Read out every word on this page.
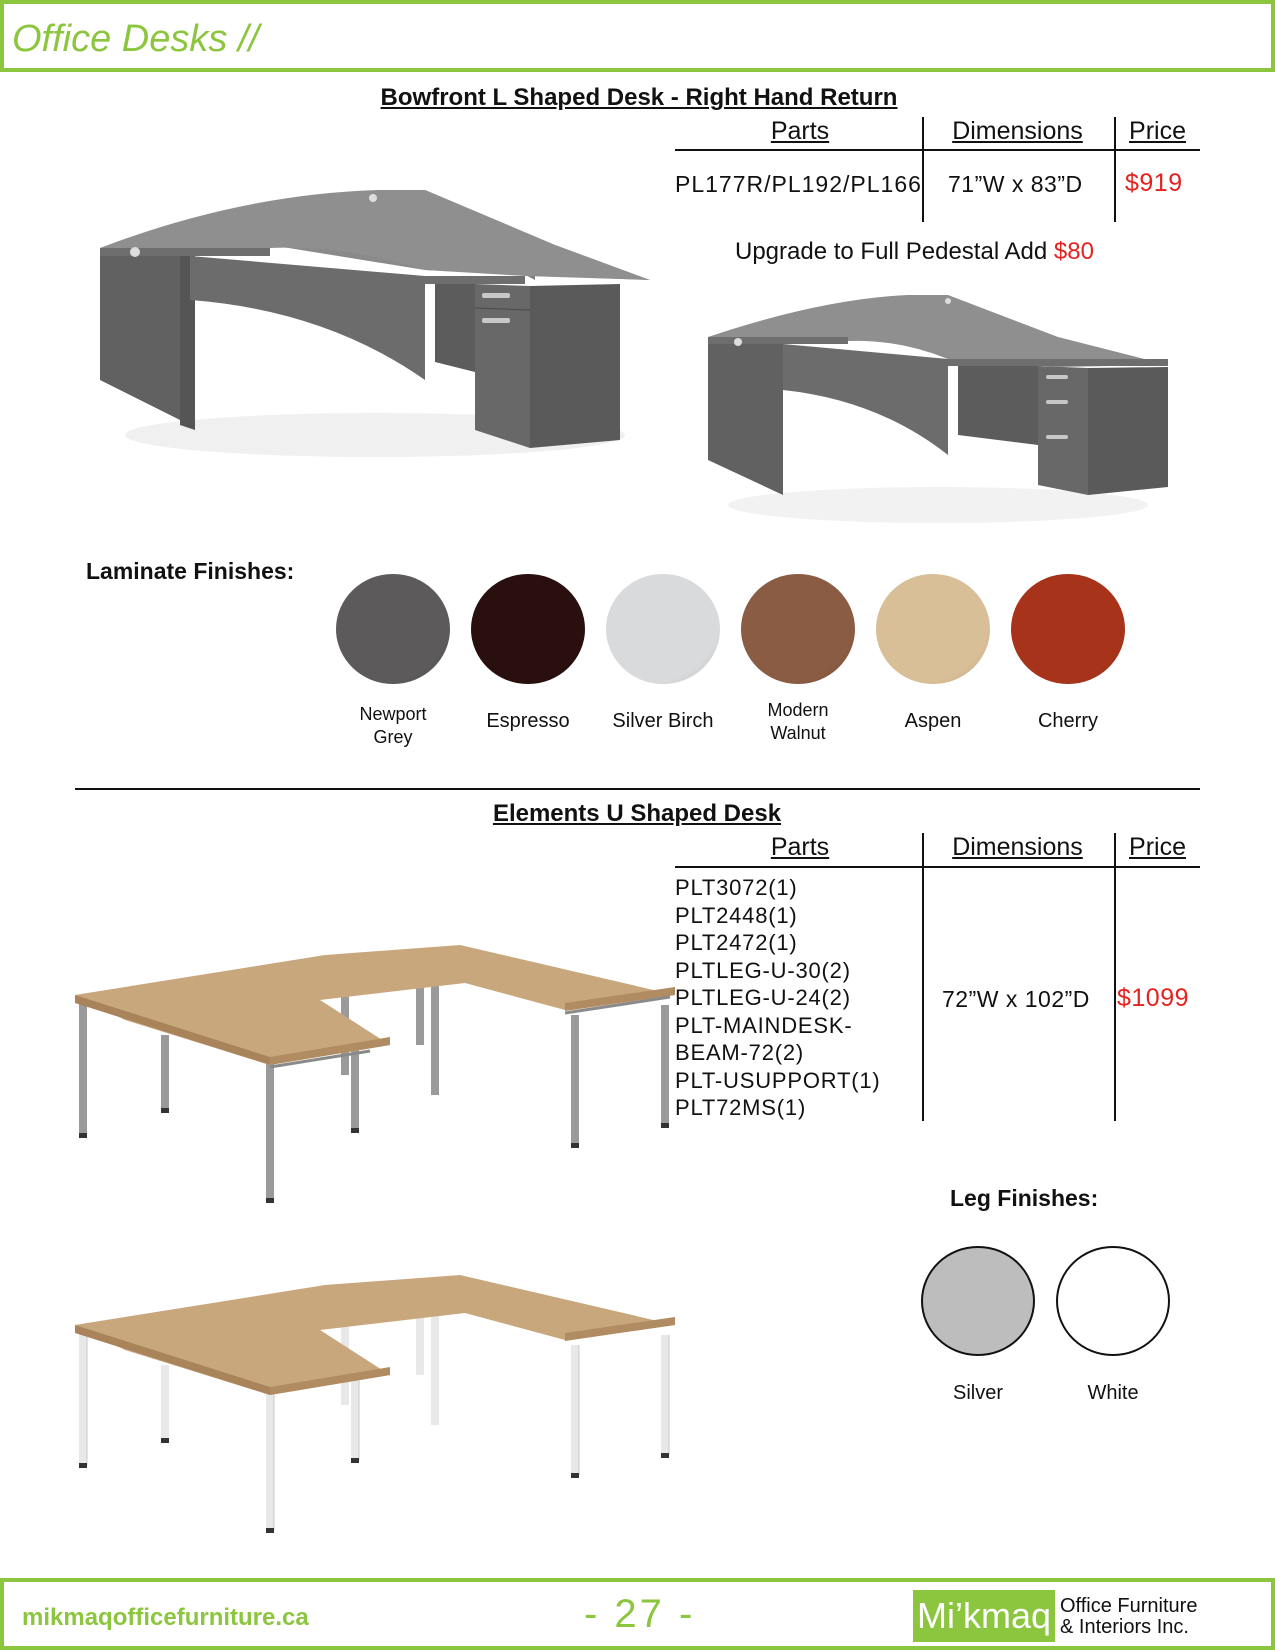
Office Desks //
Bowfront L Shaped Desk - Right Hand Return
Parts	Dimensions	Price
PL177R/PL192/PL166 71”W x 83”D $919
Upgrade to Full Pedestal Add $80
Laminate Finishes:
Newport
Grey
Espresso	Silver Birch	Modern
Walnut
Aspen	Cherry
Elements U Shaped Desk
Parts	Dimensions	Price
PLT3072(1)
PLT2448(1)
PLT2472(1)
PLTLEG-U-30(2)
PLTLEG-U-24(2)
PLT-MAINDESK-
BEAM-72(2)
PLT-USUPPORT(1)
PLT72MS(1)
72”W x 102”D $1099
Leg Finishes:
Silver	White
mikmaqofficefurniture.ca	- 27 -	Mi’kmaq Office Furniture
& Interiors Inc.
